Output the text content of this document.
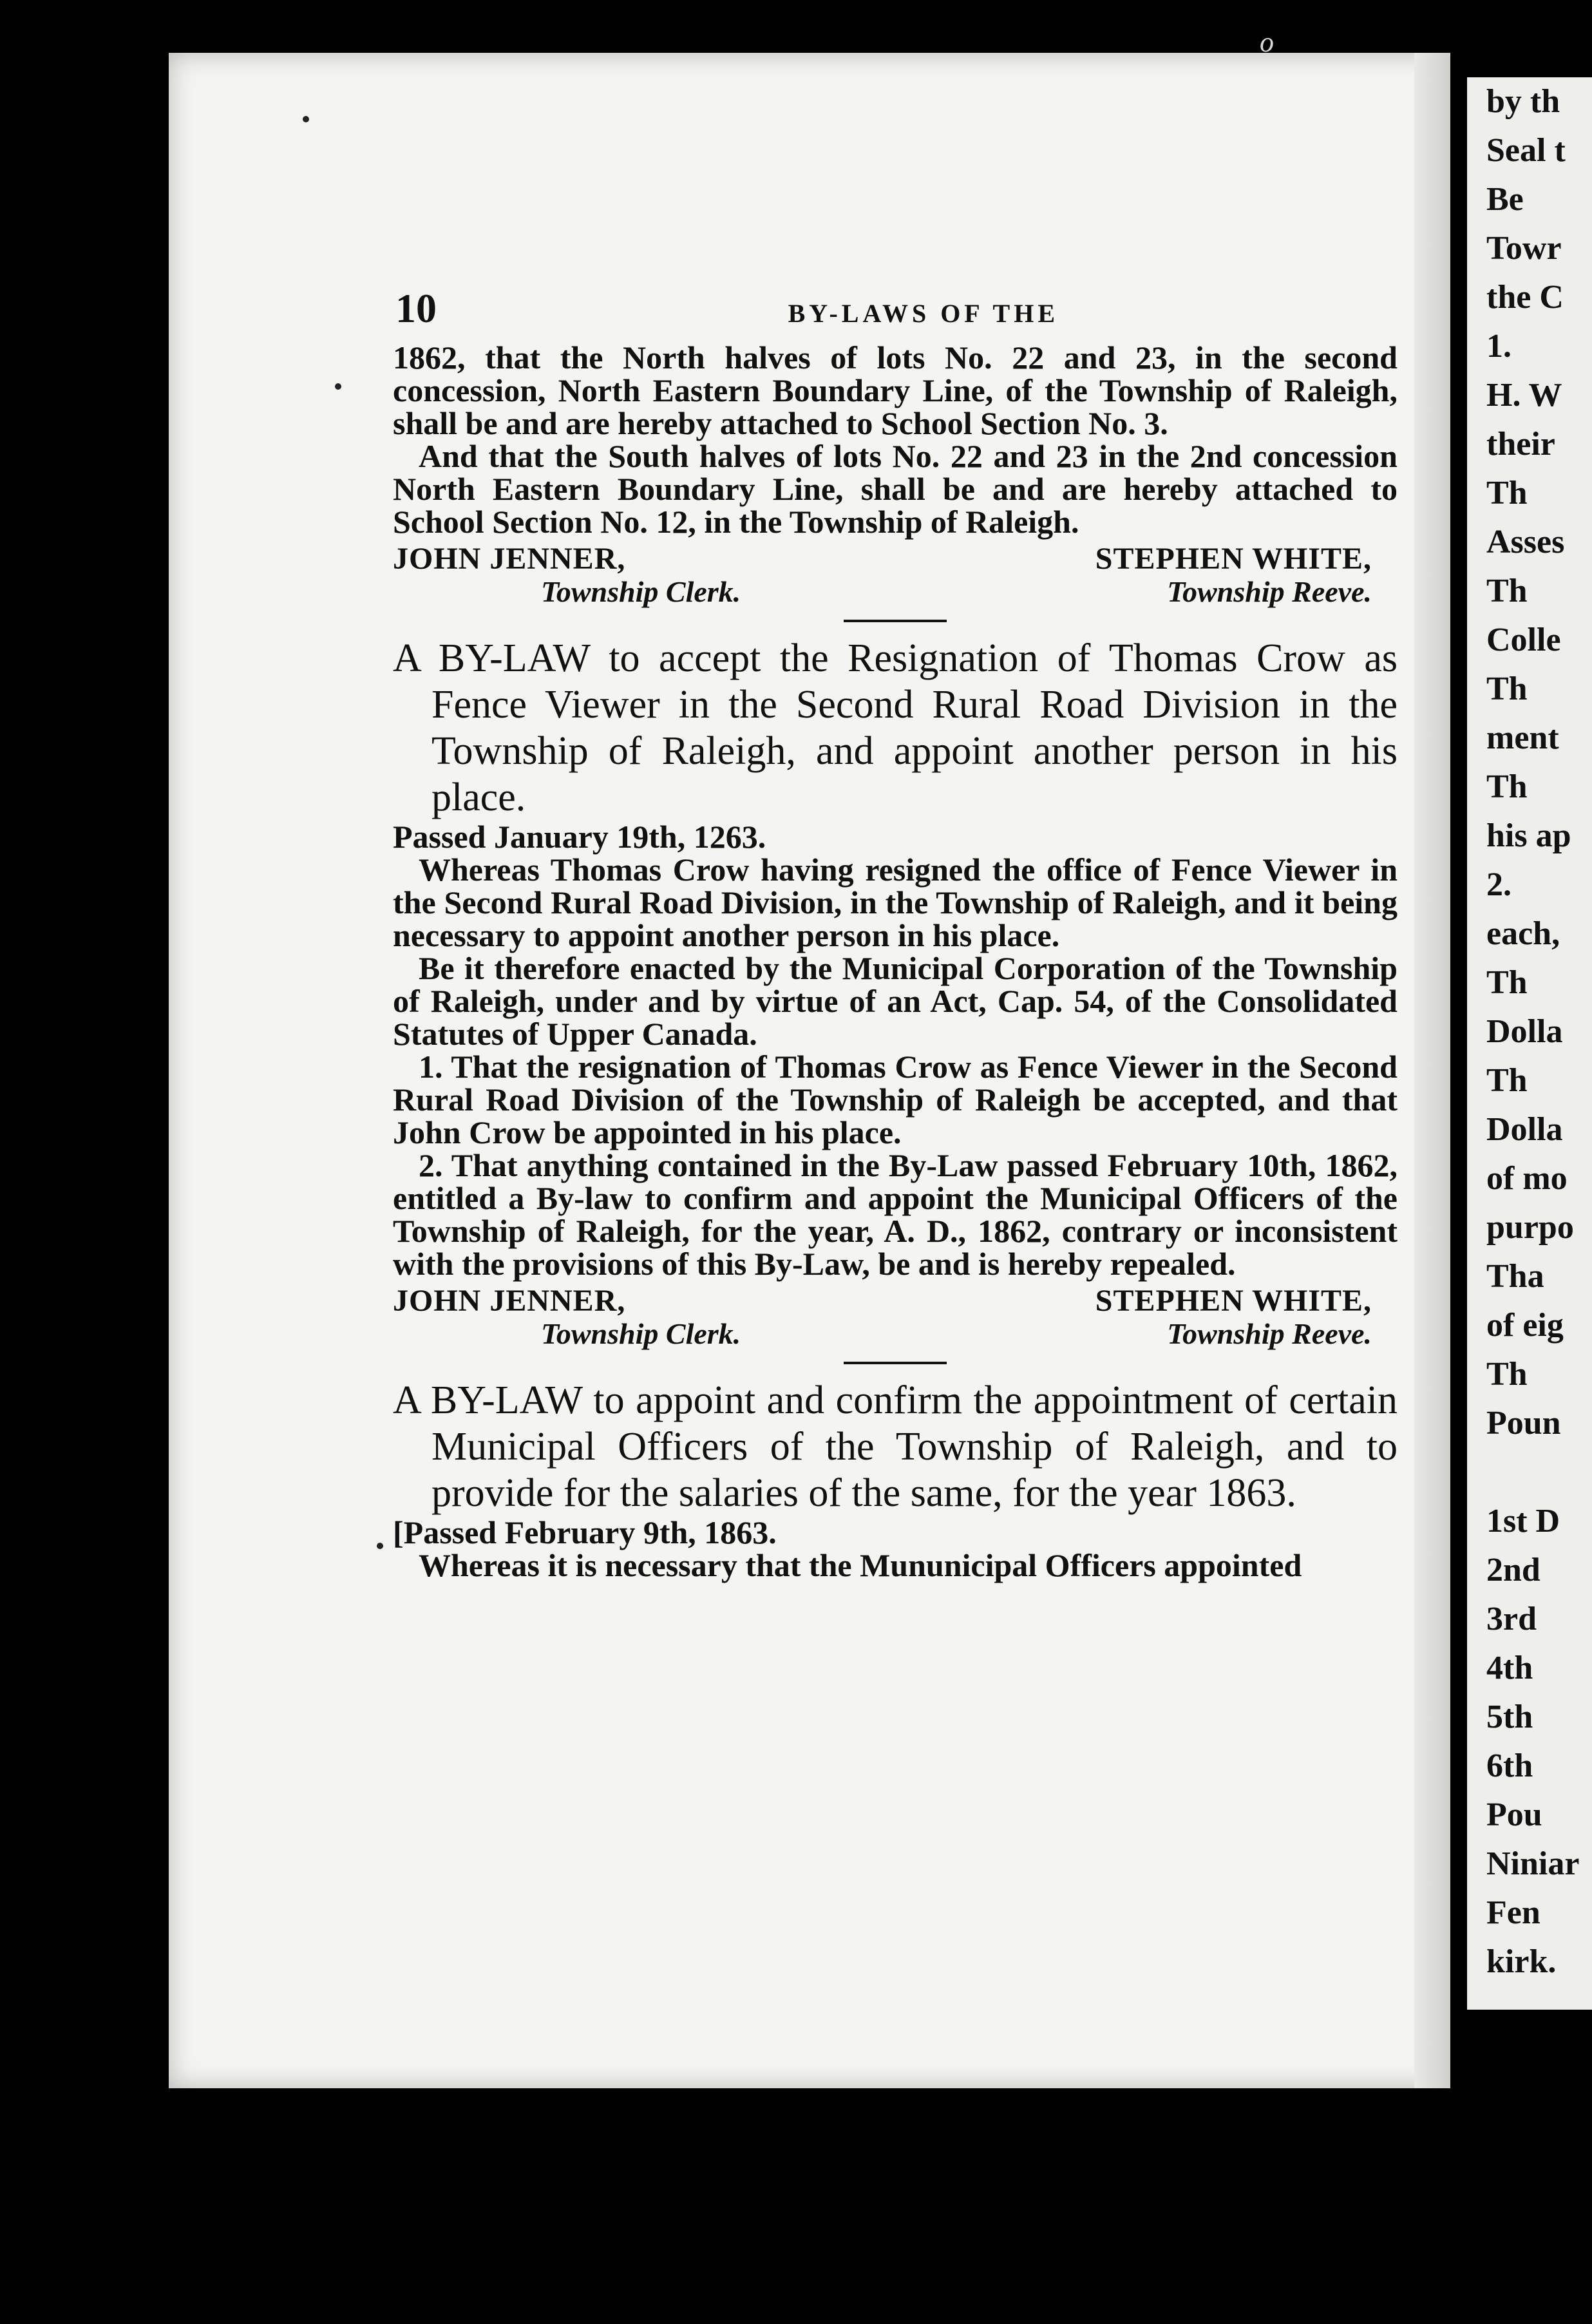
o
by th
Seal t
Be
Towr
the C
1.
H. W
their
Th
Asses
Th
Colle
Th
ment
Th
his ap
2.
each,
Th
Dolla
Th
Dolla
of mo
purpo
Tha
of eig
Th
Poun
1st D
2nd
3rd
4th
5th
6th
Pou
Niniar
Fen
kirk.
10	BY-LAWS OF THE

1862, that the North halves of lots No. 22 and 23, in the second concession, North Eastern Boundary Line, of the Township of Raleigh, shall be and are hereby attached to School Section No. 3.

And that the South halves of lots No. 22 and 23 in the 2nd concession North Eastern Boundary Line, shall be and are hereby attached to School Section No. 12, in the Township of Raleigh.

JOHN JENNER,	STEPHEN WHITE,
Township Clerk.	Township Reeve.

A BY-LAW to accept the Resignation of Thomas Crow as Fence Viewer in the Second Rural Road Division in the Township of Raleigh, and appoint another person in his place.

Passed January 19th, 1263.

Whereas Thomas Crow having resigned the office of Fence Viewer in the Second Rural Road Division, in the Township of Raleigh, and it being necessary to appoint another person in his place.

Be it therefore enacted by the Municipal Corporation of the Township of Raleigh, under and by virtue of an Act, Cap. 54, of the Consolidated Statutes of Upper Canada.

1. That the resignation of Thomas Crow as Fence Viewer in the Second Rural Road Division of the Township of Raleigh be accepted, and that John Crow be appointed in his place.

2. That anything contained in the By-Law passed February 10th, 1862, entitled a By-law to confirm and appoint the Municipal Officers of the Township of Raleigh, for the year, A. D., 1862, contrary or inconsistent with the provisions of this By-Law, be and is hereby repealed.

JOHN JENNER,	STEPHEN WHITE,
Township Clerk.	Township Reeve.

A BY-LAW to appoint and confirm the appointment of certain Municipal Officers of the Township of Raleigh, and to provide for the salaries of the same, for the year 1863.

[Passed February 9th, 1863.

Whereas it is necessary that the Mununicipal Officers appointed
